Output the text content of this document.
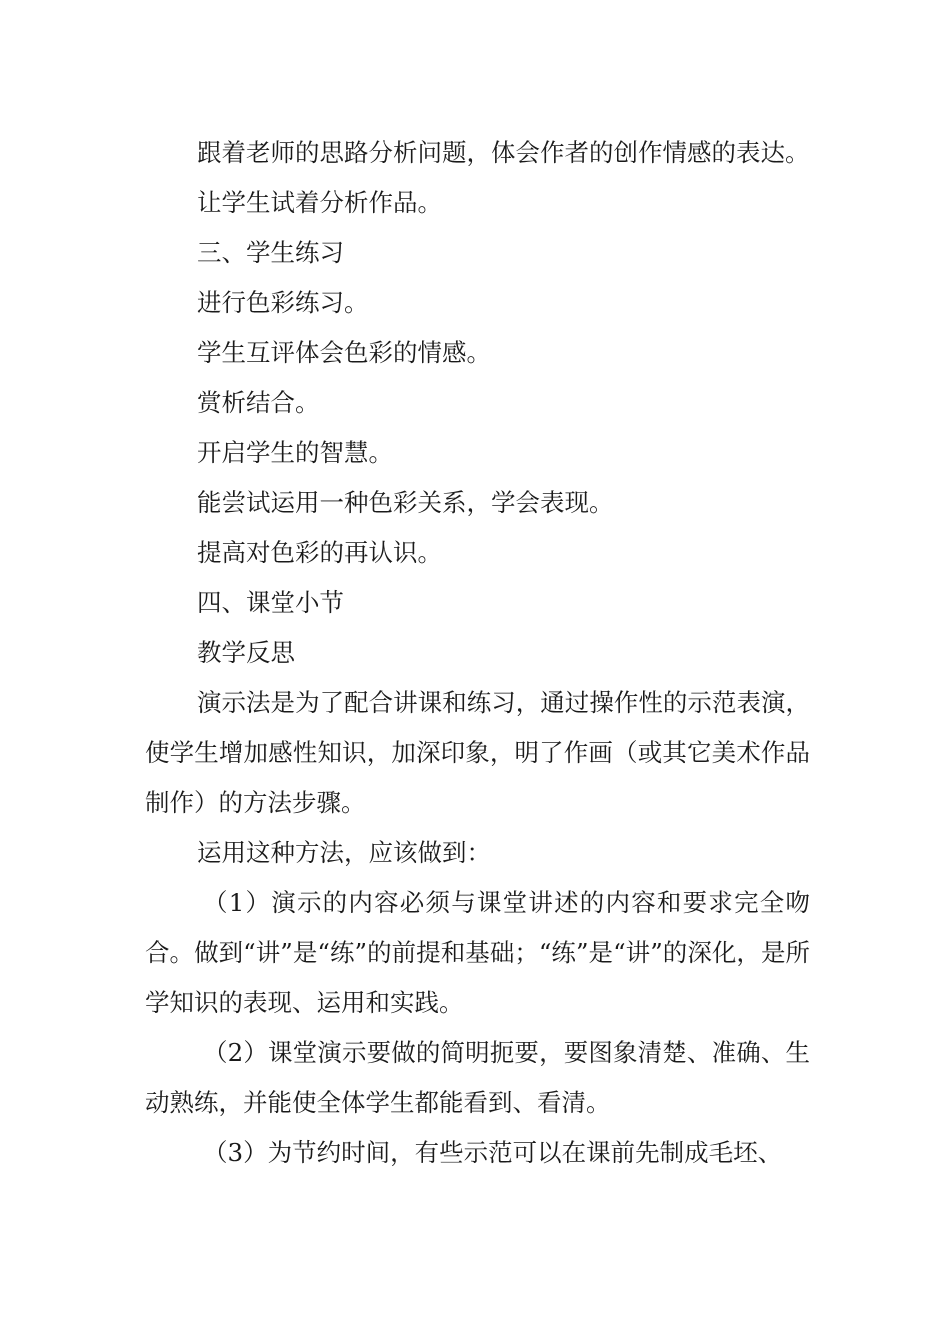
跟着老师的思路分析问题，体会作者的创作情感的表达。

让学生试着分析作品。

三、学生练习

进行色彩练习。

学生互评体会色彩的情感。

赏析结合。

开启学生的智慧。

能尝试运用一种色彩关系，学会表现。

提高对色彩的再认识。

四、课堂小节

教学反思

演示法是为了配合讲课和练习，通过操作性的示范表演，使学生增加感性知识，加深印象，明了作画（或其它美术作品制作）的方法步骤。

运用这种方法，应该做到：

（1）演示的内容必须与课堂讲述的内容和要求完全吻合。做到“讲”是“练”的前提和基础；“练”是“讲”的深化，是所学知识的表现、运用和实践。

（2）课堂演示要做的简明扼要，要图象清楚、准确、生动熟练，并能使全体学生都能看到、看清。

（3）为节约时间，有些示范可以在课前先制成毛坯、
